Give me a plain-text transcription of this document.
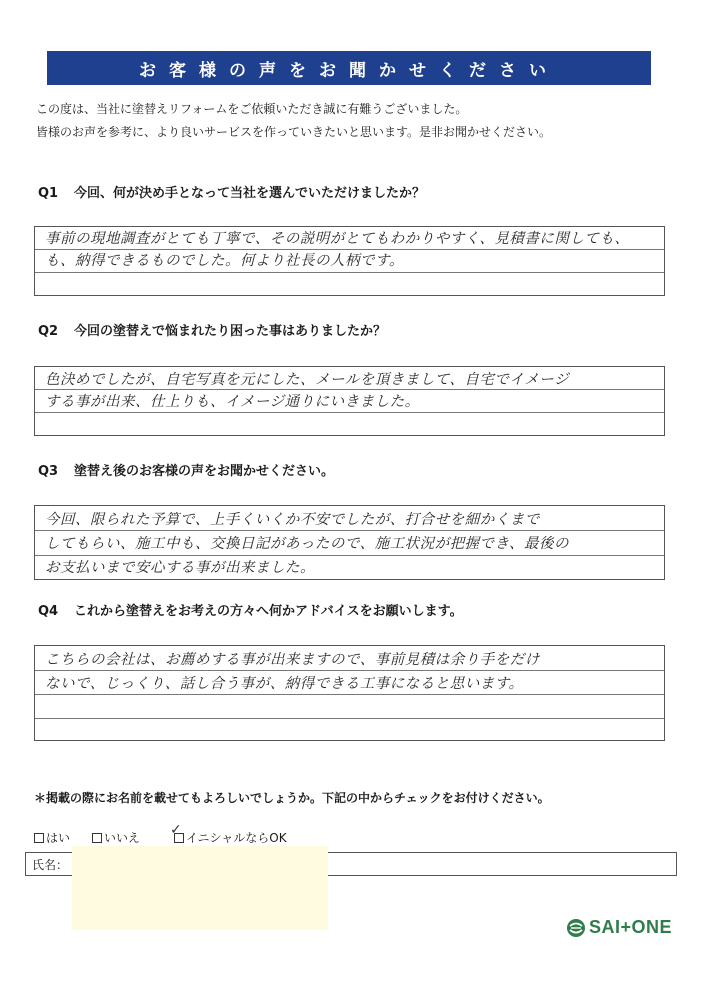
お客様の声をお聞かせください
この度は、当社に塗替えリフォームをご依頼いただき誠に有難うございました。
皆様のお声を参考に、より良いサービスを作っていきたいと思います。是非お聞かせください。
Q1 今回、何が決め手となって当社を選んでいただけましたか？
事前の現地調査がとても丁寧で、その説明がとてもわかりやすく、見積書に関しても、
も、納得できるものでした。何より社長の人柄です。
Q2 今回の塗替えで悩まれたり困った事はありましたか？
色決めでしたが、自宅写真を元にした、メールを頂きまして、自宅でイメージ
する事が出来、仕上りも、イメージ通りにいきました。
Q3 塗替え後のお客様の声をお聞かせください。
今回、限られた予算で、上手くいくか不安でしたが、打合せを細かくまで
してもらい、施工中も、交換日記があったので、施工状況が把握でき、最後の
お支払いまで安心する事が出来ました。
Q4 これから塗替えをお考えの方々へ何かアドバイスをお願いします。
こちらの会社は、お薦めする事が出来ますので、事前見積は余り手をだけ
ないで、じっくり、話し合う事が、納得できる工事になると思います。
＊掲載の際にお名前を載せてもよろしいでしょうか。下記の中からチェックをお付けください。
はい	いいえ	イニシャルならOK
✓
氏名：
SAI+ONE
